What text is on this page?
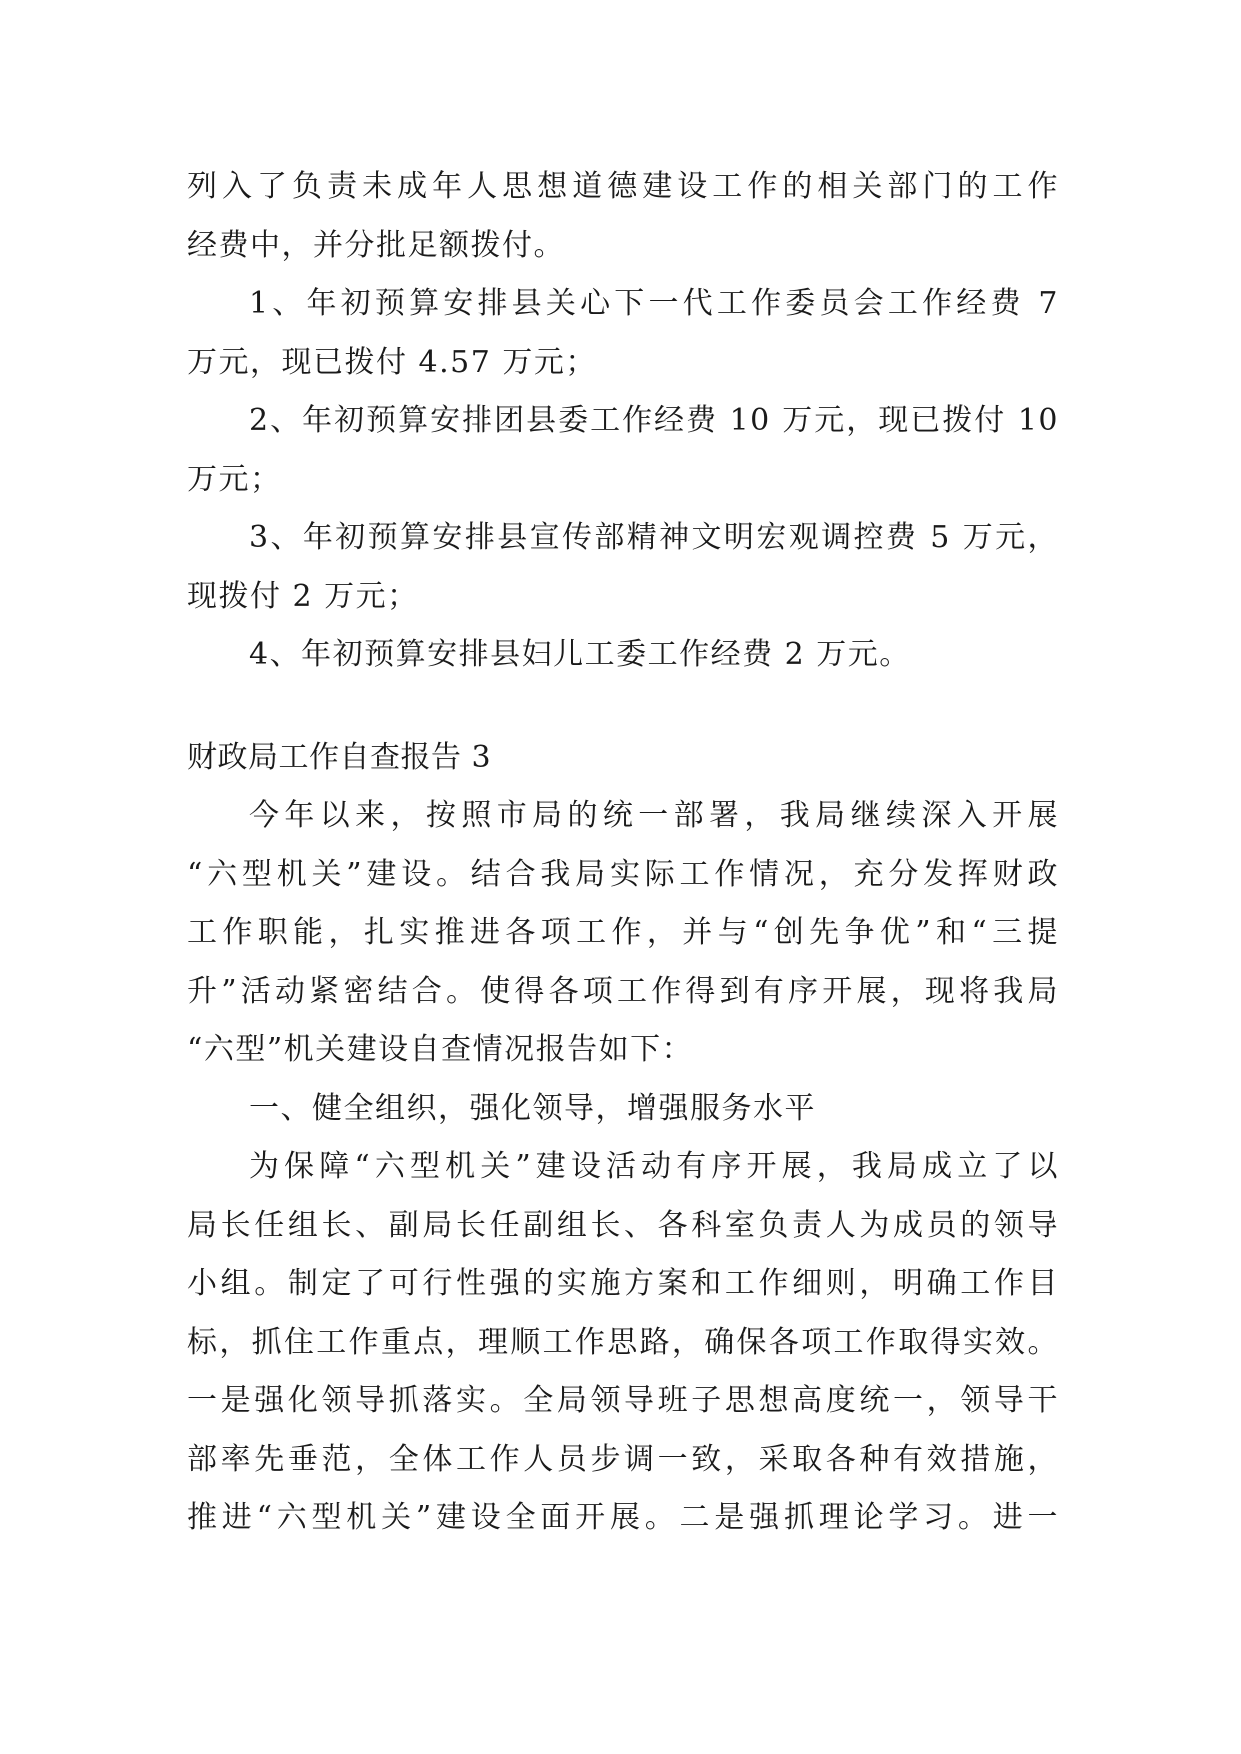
列入了负责未成年人思想道德建设工作的相关部门的工作
经费中，并分批足额拨付。
1、年初预算安排县关心下一代工作委员会工作经费 7
万元，现已拨付 4.57 万元；
2、年初预算安排团县委工作经费 10 万元，现已拨付 10
万元；
3、年初预算安排县宣传部精神文明宏观调控费 5 万元，
现拨付 2 万元；
4、年初预算安排县妇儿工委工作经费 2 万元。
财政局工作自查报告 3
今年以来，按照市局的统一部署，我局继续深入开展
“六型机关”建设。结合我局实际工作情况，充分发挥财政
工作职能，扎实推进各项工作，并与“创先争优”和“三提
升”活动紧密结合。使得各项工作得到有序开展，现将我局
“六型”机关建设自查情况报告如下：
一、健全组织，强化领导，增强服务水平
为保障“六型机关”建设活动有序开展，我局成立了以
局长任组长、副局长任副组长、各科室负责人为成员的领导
小组。制定了可行性强的实施方案和工作细则，明确工作目
标，抓住工作重点，理顺工作思路，确保各项工作取得实效。
一是强化领导抓落实。全局领导班子思想高度统一，领导干
部率先垂范，全体工作人员步调一致，采取各种有效措施，
推进“六型机关”建设全面开展。二是强抓理论学习。进一
